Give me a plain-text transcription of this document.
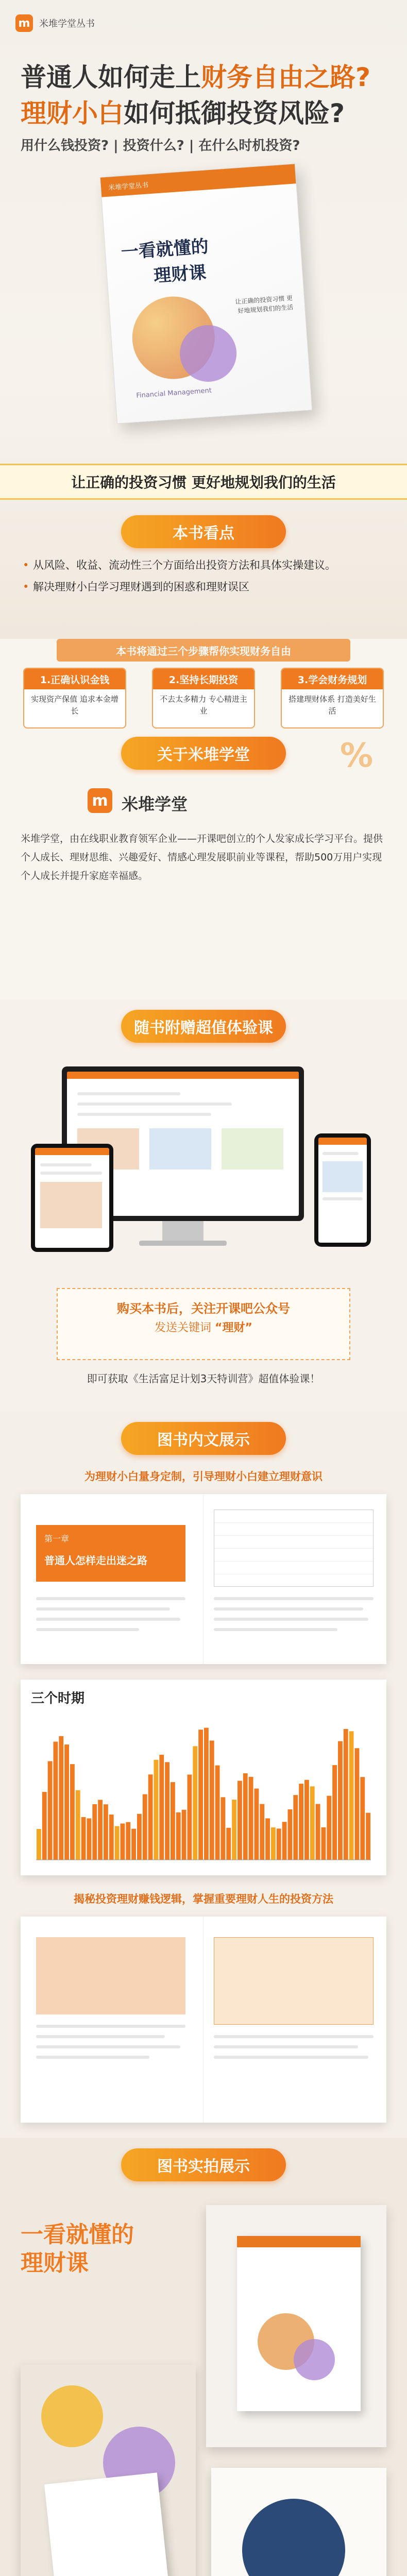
m 米堆学堂丛书
普通人如何走上财务自由之路?
理财小白如何抵御投资风险?
用什么钱投资? | 投资什么? | 在什么时机投资?
米堆学堂丛书
一看就懂的
理财课
让正确的投资习惯 更好地规划我们的生活
Financial Management
让正确的投资习惯 更好地规划我们的生活
本书看点
• 从风险、收益、流动性三个方面给出投资方法和具体实操建议。
• 解决理财小白学习理财遇到的困惑和理财误区
本书将通过三个步骤帮你实现财务自由
1.正确认识金钱
实现资产保值 追求本金增长
2.坚持长期投资
不去太多精力 专心精进主业
3.学会财务规划
搭建理财体系 打造美好生活
关于米堆学堂	%
m 米堆学堂
米堆学堂，由在线职业教育领军企业——开课吧创立的个人发家成长学习平台。提供个人成长、理财思维、兴趣爱好、情感心理发展职前业等课程，帮助500万用户实现个人成长并提升家庭幸福感。
随书附赠超值体验课
购买本书后，关注开课吧公众号
发送关键词 “理财”
即可获取《生活富足计划3天特训营》超值体验课！
图书内文展示
为理财小白量身定制，引导理财小白建立理财意识
第一章
普通人怎样走出迷之路
三个时期
揭秘投资理财赚钱逻辑，掌握重要理财人生的投资方法
图书实拍展示
一看就懂的
理财课
